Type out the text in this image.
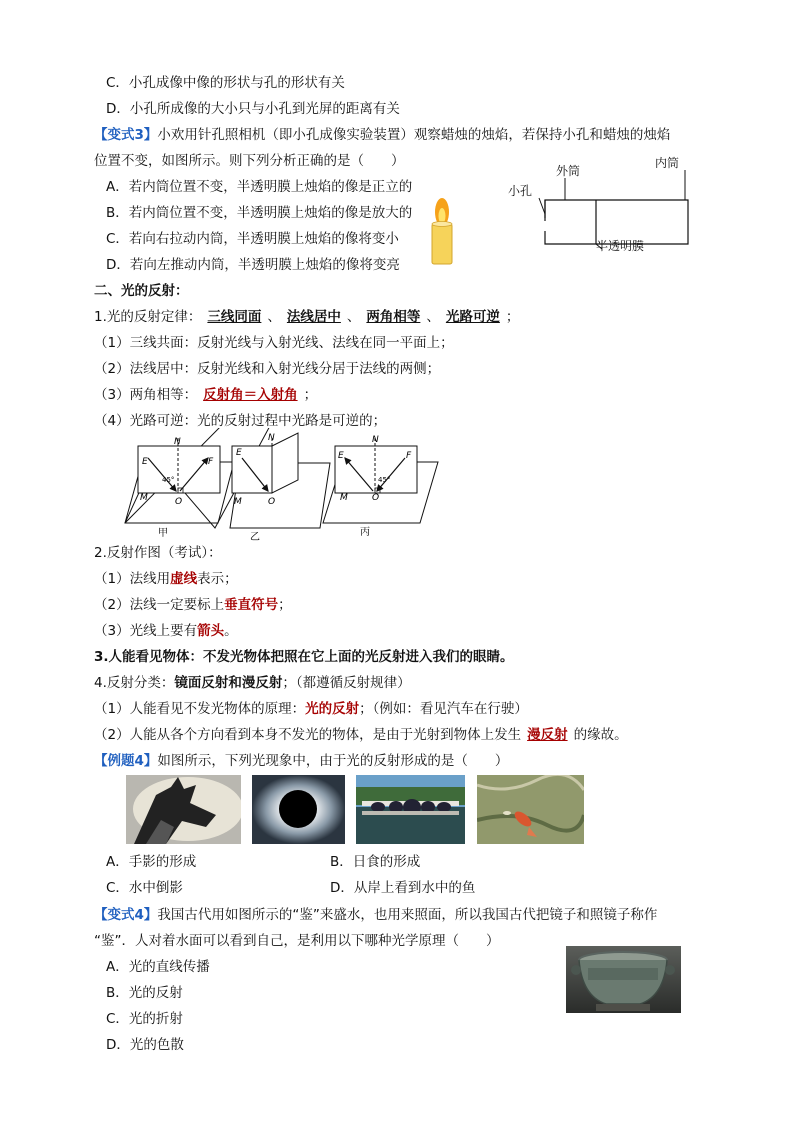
C．小孔成像中像的形状与孔的形状有关
D．小孔所成像的大小只与小孔到光屏的距离有关
【变式3】小欢用针孔照相机（即小孔成像实验装置）观察蜡烛的烛焰，若保持小孔和蜡烛的烛焰
位置不变，如图所示。则下列分析正确的是（　　）
A．若内筒位置不变，半透明膜上烛焰的像是正立的
B．若内筒位置不变，半透明膜上烛焰的像是放大的
C．若向右拉动内筒，半透明膜上烛焰的像将变小
D．若向左推动内筒，半透明膜上烛焰的像将变亮
外筒
内筒
小孔
半透明膜
二、光的反射：
1.光的反射定律： 三线同面 、 法线居中 、 两角相等 、 光路可逆 ；
（1）三线共面：反射光线与入射光线、法线在同一平面上；
（2）法线居中：反射光线和入射光线分居于法线的两侧；
（3）两角相等： 反射角＝入射角 ；
（4）光路可逆：光的反射过程中光路是可逆的；
N
E	F
45°
O
M
N
E
O
M
N
E	F
45°
O
M
甲	乙	丙
2.反射作图（考试）：
（1）法线用虚线表示；
（2）法线一定要标上垂直符号；
（3）光线上要有箭头。
3.人能看见物体：不发光物体把照在它上面的光反射进入我们的眼睛。
4.反射分类：镜面反射和漫反射；（都遵循反射规律）
（1）人能看见不发光物体的原理：光的反射；（例如：看见汽车在行驶）
（2）人能从各个方向看到本身不发光的物体，是由于光射到物体上发生 漫反射 的缘故。
【例题4】如图所示，下列光现象中，由于光的反射形成的是（　　）
A．手影的形成	B．日食的形成
C．水中倒影	D．从岸上看到水中的鱼
【变式4】我国古代用如图所示的“鉴”来盛水，也用来照面，所以我国古代把镜子和照镜子称作
“鉴”．人对着水面可以看到自己，是利用以下哪种光学原理（　　）
A．光的直线传播
B．光的反射
C．光的折射
D．光的色散
